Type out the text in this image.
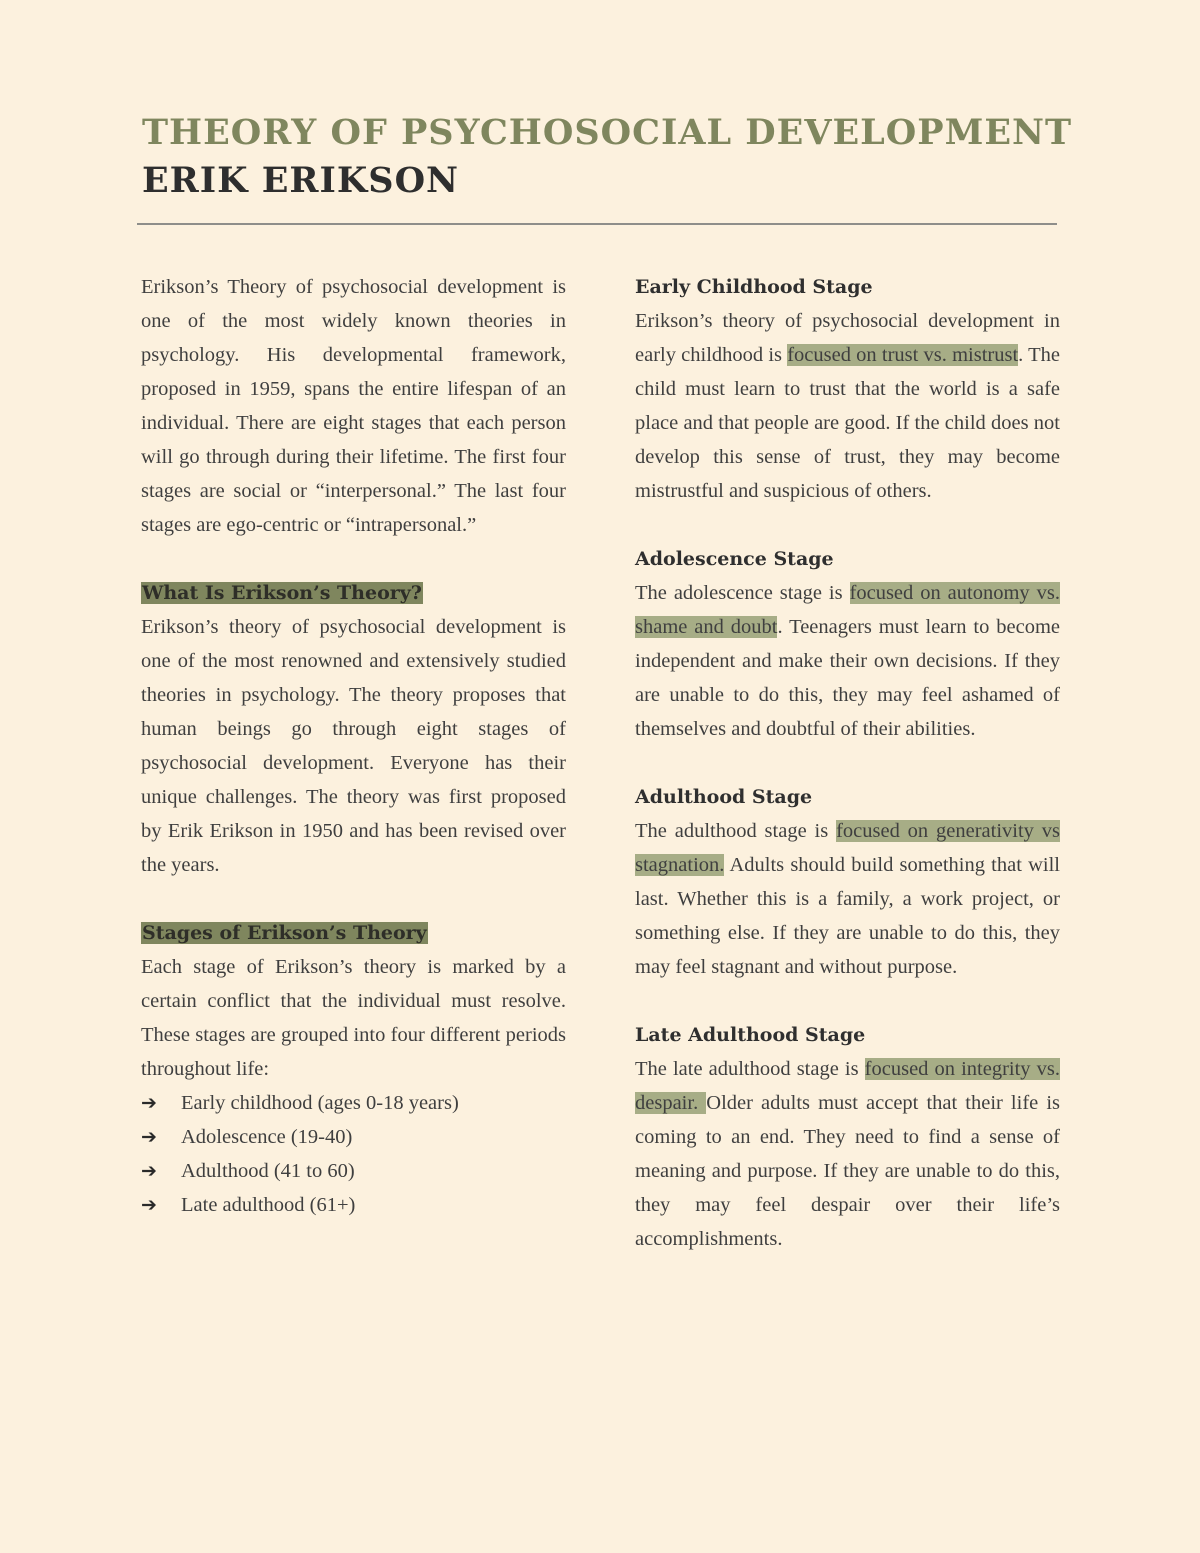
THEORY OF PSYCHOSOCIAL DEVELOPMENT
ERIK ERIKSON

Erikson’s Theory of psychosocial development is one of the most widely known theories in psychology. His developmental framework, proposed in 1959, spans the entire lifespan of an individual. There are eight stages that each person will go through during their lifetime. The first four stages are social or “interpersonal.” The last four stages are ego-centric or “intrapersonal.”

What Is Erikson’s Theory?

Erikson’s theory of psychosocial development is one of the most renowned and extensively studied theories in psychology. The theory proposes that human beings go through eight stages of psychosocial development. Everyone has their unique challenges. The theory was first proposed by Erik Erikson in 1950 and has been revised over the years.

Stages of Erikson’s Theory

Each stage of Erikson’s theory is marked by a certain conflict that the individual must resolve. These stages are grouped into four different periods throughout life:

➔	Early childhood (ages 0-18 years)
➔	Adolescence (19-40)
➔	Adulthood (41 to 60)
➔	Late adulthood (61+)

Early Childhood Stage

Erikson’s theory of psychosocial development in early childhood is focused on trust vs. mistrust. The child must learn to trust that the world is a safe place and that people are good. If the child does not develop this sense of trust, they may become mistrustful and suspicious of others.

Adolescence Stage

The adolescence stage is focused on autonomy vs. shame and doubt. Teenagers must learn to become independent and make their own decisions. If they are unable to do this, they may feel ashamed of themselves and doubtful of their abilities.

Adulthood Stage

The adulthood stage is focused on generativity vs stagnation. Adults should build something that will last. Whether this is a family, a work project, or something else. If they are unable to do this, they may feel stagnant and without purpose.

Late Adulthood Stage

The late adulthood stage is focused on integrity vs. despair. Older adults must accept that their life is coming to an end. They need to find a sense of meaning and purpose. If they are unable to do this, they may feel despair over their life’s accomplishments.
